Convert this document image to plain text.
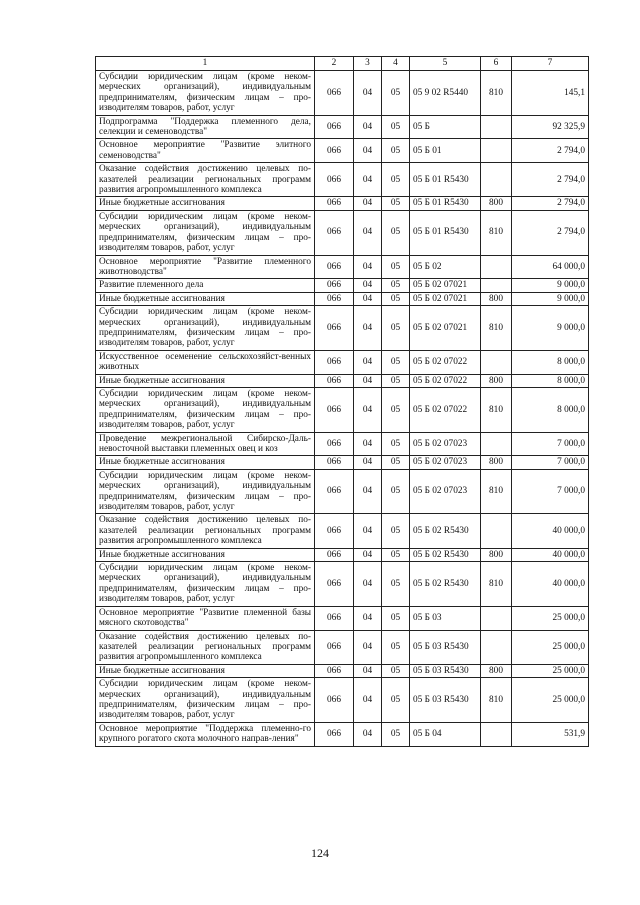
1	2	3	4	5	6	7
Субсидии юридическим лицам (кроме неком-мерческих организаций), индивидуальным предпринимателям, физическим лицам – про-изводителям товаров, работ, услуг	066	04	05	05 9 02 R5440	810	145,1
Подпрограмма "Поддержка племенного дела, селекции и семеноводства"	066	04	05	05 Б		92 325,9
Основное мероприятие "Развитие элитного семеноводства"	066	04	05	05 Б 01		2 794,0
Оказание содействия достижению целевых по-казателей реализации региональных программ развития агропромышленного комплекса	066	04	05	05 Б 01 R5430		2 794,0
Иные бюджетные ассигнования	066	04	05	05 Б 01 R5430	800	2 794,0
Субсидии юридическим лицам (кроме неком-мерческих организаций), индивидуальным предпринимателям, физическим лицам – про-изводителям товаров, работ, услуг	066	04	05	05 Б 01 R5430	810	2 794,0
Основное мероприятие "Развитие племенного животноводства"	066	04	05	05 Б 02		64 000,0
Развитие племенного дела	066	04	05	05 Б 02 07021		9 000,0
Иные бюджетные ассигнования	066	04	05	05 Б 02 07021	800	9 000,0
Субсидии юридическим лицам (кроме неком-мерческих организаций), индивидуальным предпринимателям, физическим лицам – про-изводителям товаров, работ, услуг	066	04	05	05 Б 02 07021	810	9 000,0
Искусственное осеменение сельскохозяйст-венных животных	066	04	05	05 Б 02 07022		8 000,0
Иные бюджетные ассигнования	066	04	05	05 Б 02 07022	800	8 000,0
Субсидии юридическим лицам (кроме неком-мерческих организаций), индивидуальным предпринимателям, физическим лицам – про-изводителям товаров, работ, услуг	066	04	05	05 Б 02 07022	810	8 000,0
Проведение межрегиональной Сибирско-Даль-невосточной выставки племенных овец и коз	066	04	05	05 Б 02 07023		7 000,0
Иные бюджетные ассигнования	066	04	05	05 Б 02 07023	800	7 000,0
Субсидии юридическим лицам (кроме неком-мерческих организаций), индивидуальным предпринимателям, физическим лицам – про-изводителям товаров, работ, услуг	066	04	05	05 Б 02 07023	810	7 000,0
Оказание содействия достижению целевых по-казателей реализации региональных программ развития агропромышленного комплекса	066	04	05	05 Б 02 R5430		40 000,0
Иные бюджетные ассигнования	066	04	05	05 Б 02 R5430	800	40 000,0
Субсидии юридическим лицам (кроме неком-мерческих организаций), индивидуальным предпринимателям, физическим лицам – про-изводителям товаров, работ, услуг	066	04	05	05 Б 02 R5430	810	40 000,0
Основное мероприятие "Развитие племенной базы мясного скотоводства"	066	04	05	05 Б 03		25 000,0
Оказание содействия достижению целевых по-казателей реализации региональных программ развития агропромышленного комплекса	066	04	05	05 Б 03 R5430		25 000,0
Иные бюджетные ассигнования	066	04	05	05 Б 03 R5430	800	25 000,0
Субсидии юридическим лицам (кроме неком-мерческих организаций), индивидуальным предпринимателям, физическим лицам – про-изводителям товаров, работ, услуг	066	04	05	05 Б 03 R5430	810	25 000,0
Основное мероприятие "Поддержка племенно-го крупного рогатого скота молочного направ-ления"	066	04	05	05 Б 04		531,9
124
